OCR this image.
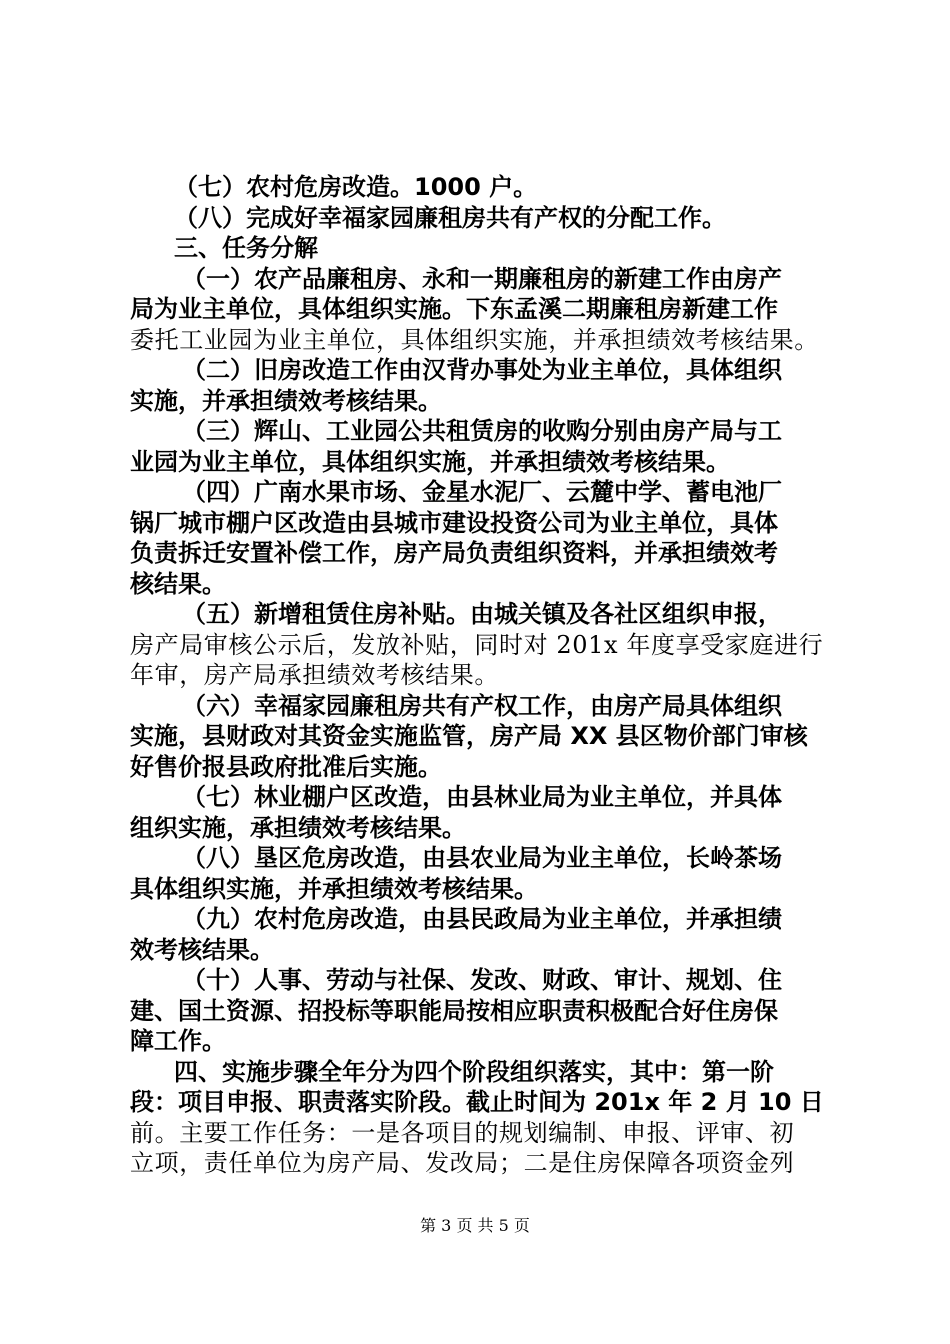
（七）农村危房改造。1000 户。
（八）完成好幸福家园廉租房共有产权的分配工作。
三、任务分解
（一）农产品廉租房、永和一期廉租房的新建工作由房产
局为业主单位，具体组织实施。下东孟溪二期廉租房新建工作
委托工业园为业主单位，具体组织实施，并承担绩效考核结果。
（二）旧房改造工作由汉背办事处为业主单位，具体组织
实施，并承担绩效考核结果。
（三）辉山、工业园公共租赁房的收购分别由房产局与工
业园为业主单位，具体组织实施，并承担绩效考核结果。
（四）广南水果市场、金星水泥厂、云麓中学、蓄电池厂
锅厂城市棚户区改造由县城市建设投资公司为业主单位，具体
负责拆迁安置补偿工作，房产局负责组织资料，并承担绩效考
核结果。
（五）新增租赁住房补贴。由城关镇及各社区组织申报，
房产局审核公示后，发放补贴，同时对 201x 年度享受家庭进行
年审，房产局承担绩效考核结果。
（六）幸福家园廉租房共有产权工作，由房产局具体组织
实施，县财政对其资金实施监管，房产局 XX 县区物价部门审核
好售价报县政府批准后实施。
（七）林业棚户区改造，由县林业局为业主单位，并具体
组织实施，承担绩效考核结果。
（八）垦区危房改造，由县农业局为业主单位，长岭茶场
具体组织实施，并承担绩效考核结果。
（九）农村危房改造，由县民政局为业主单位，并承担绩
效考核结果。
（十）人事、劳动与社保、发改、财政、审计、规划、住
建、国土资源、招投标等职能局按相应职责积极配合好住房保
障工作。
四、实施步骤全年分为四个阶段组织落实，其中：第一阶
段：项目申报、职责落实阶段。截止时间为 201x 年 2 月 10 日
前。主要工作任务：一是各项目的规划编制、申报、评审、初
立项，责任单位为房产局、发改局；二是住房保障各项资金列
第 3 页 共 5 页
